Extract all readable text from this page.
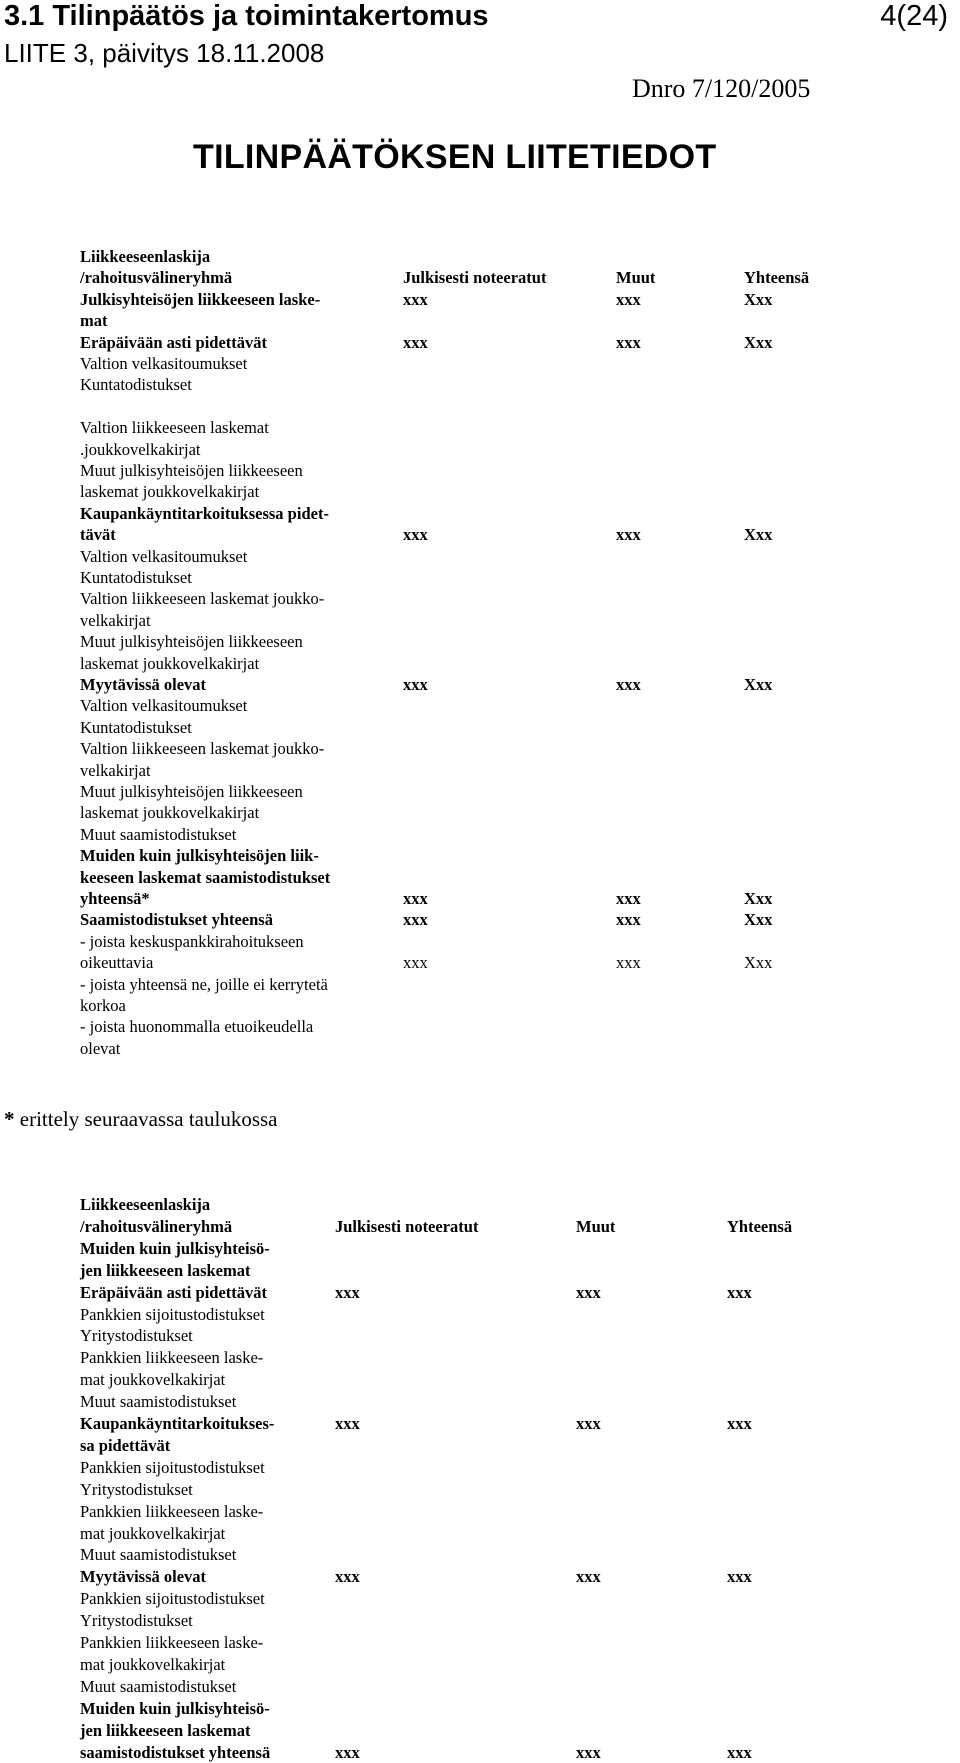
3.1 Tilinpäätös ja toimintakertomus	4(24)
LIITE 3, päivitys 18.11.2008
Dnro 7/120/2005
TILINPÄÄTÖKSEN LIITETIEDOT
Liikkeeseenlaskija
/rahoitusvälineryhmä	Julkisesti noteeratut	Muut	Yhteensä
Julkisyhteisöjen liikkeeseen laske-	xxx	xxx	Xxx
mat
Eräpäivään asti pidettävät	xxx	xxx	Xxx
Valtion velkasitoumukset
Kuntatodistukset
Valtion liikkeeseen laskemat
.joukkovelkakirjat
Muut julkisyhteisöjen liikkeeseen
laskemat joukkovelkakirjat
Kaupankäyntitarkoituksessa pidet-
tävät	xxx	xxx	Xxx
Valtion velkasitoumukset
Kuntatodistukset
Valtion liikkeeseen laskemat joukko-
velkakirjat
Muut julkisyhteisöjen liikkeeseen
laskemat joukkovelkakirjat
Myytävissä olevat	xxx	xxx	Xxx
Valtion velkasitoumukset
Kuntatodistukset
Valtion liikkeeseen laskemat joukko-
velkakirjat
Muut julkisyhteisöjen liikkeeseen
laskemat joukkovelkakirjat
Muut saamistodistukset
Muiden kuin julkisyhteisöjen liik-
keeseen laskemat saamistodistukset
yhteensä*	xxx	xxx	Xxx
Saamistodistukset yhteensä	xxx	xxx	Xxx
- joista keskuspankkirahoitukseen
oikeuttavia	xxx	xxx	Xxx
- joista yhteensä ne, joille ei kerrytetä
korkoa
- joista huonommalla etuoikeudella
olevat
* erittely seuraavassa taulukossa
Liikkeeseenlaskija
/rahoitusvälineryhmä	Julkisesti noteeratut	Muut	Yhteensä
Muiden kuin julkisyhteisö-
jen liikkeeseen laskemat
Eräpäivään asti pidettävät	xxx	xxx	xxx
Pankkien sijoitustodistukset
Yritystodistukset
Pankkien liikkeeseen laske-
mat joukkovelkakirjat
Muut saamistodistukset
Kaupankäyntitarkoitukses-	xxx	xxx	xxx
sa pidettävät
Pankkien sijoitustodistukset
Yritystodistukset
Pankkien liikkeeseen laske-
mat joukkovelkakirjat
Muut saamistodistukset
Myytävissä olevat	xxx	xxx	xxx
Pankkien sijoitustodistukset
Yritystodistukset
Pankkien liikkeeseen laske-
mat joukkovelkakirjat
Muut saamistodistukset
Muiden kuin julkisyhteisö-
jen liikkeeseen laskemat
saamistodistukset yhteensä	xxx	xxx	xxx
